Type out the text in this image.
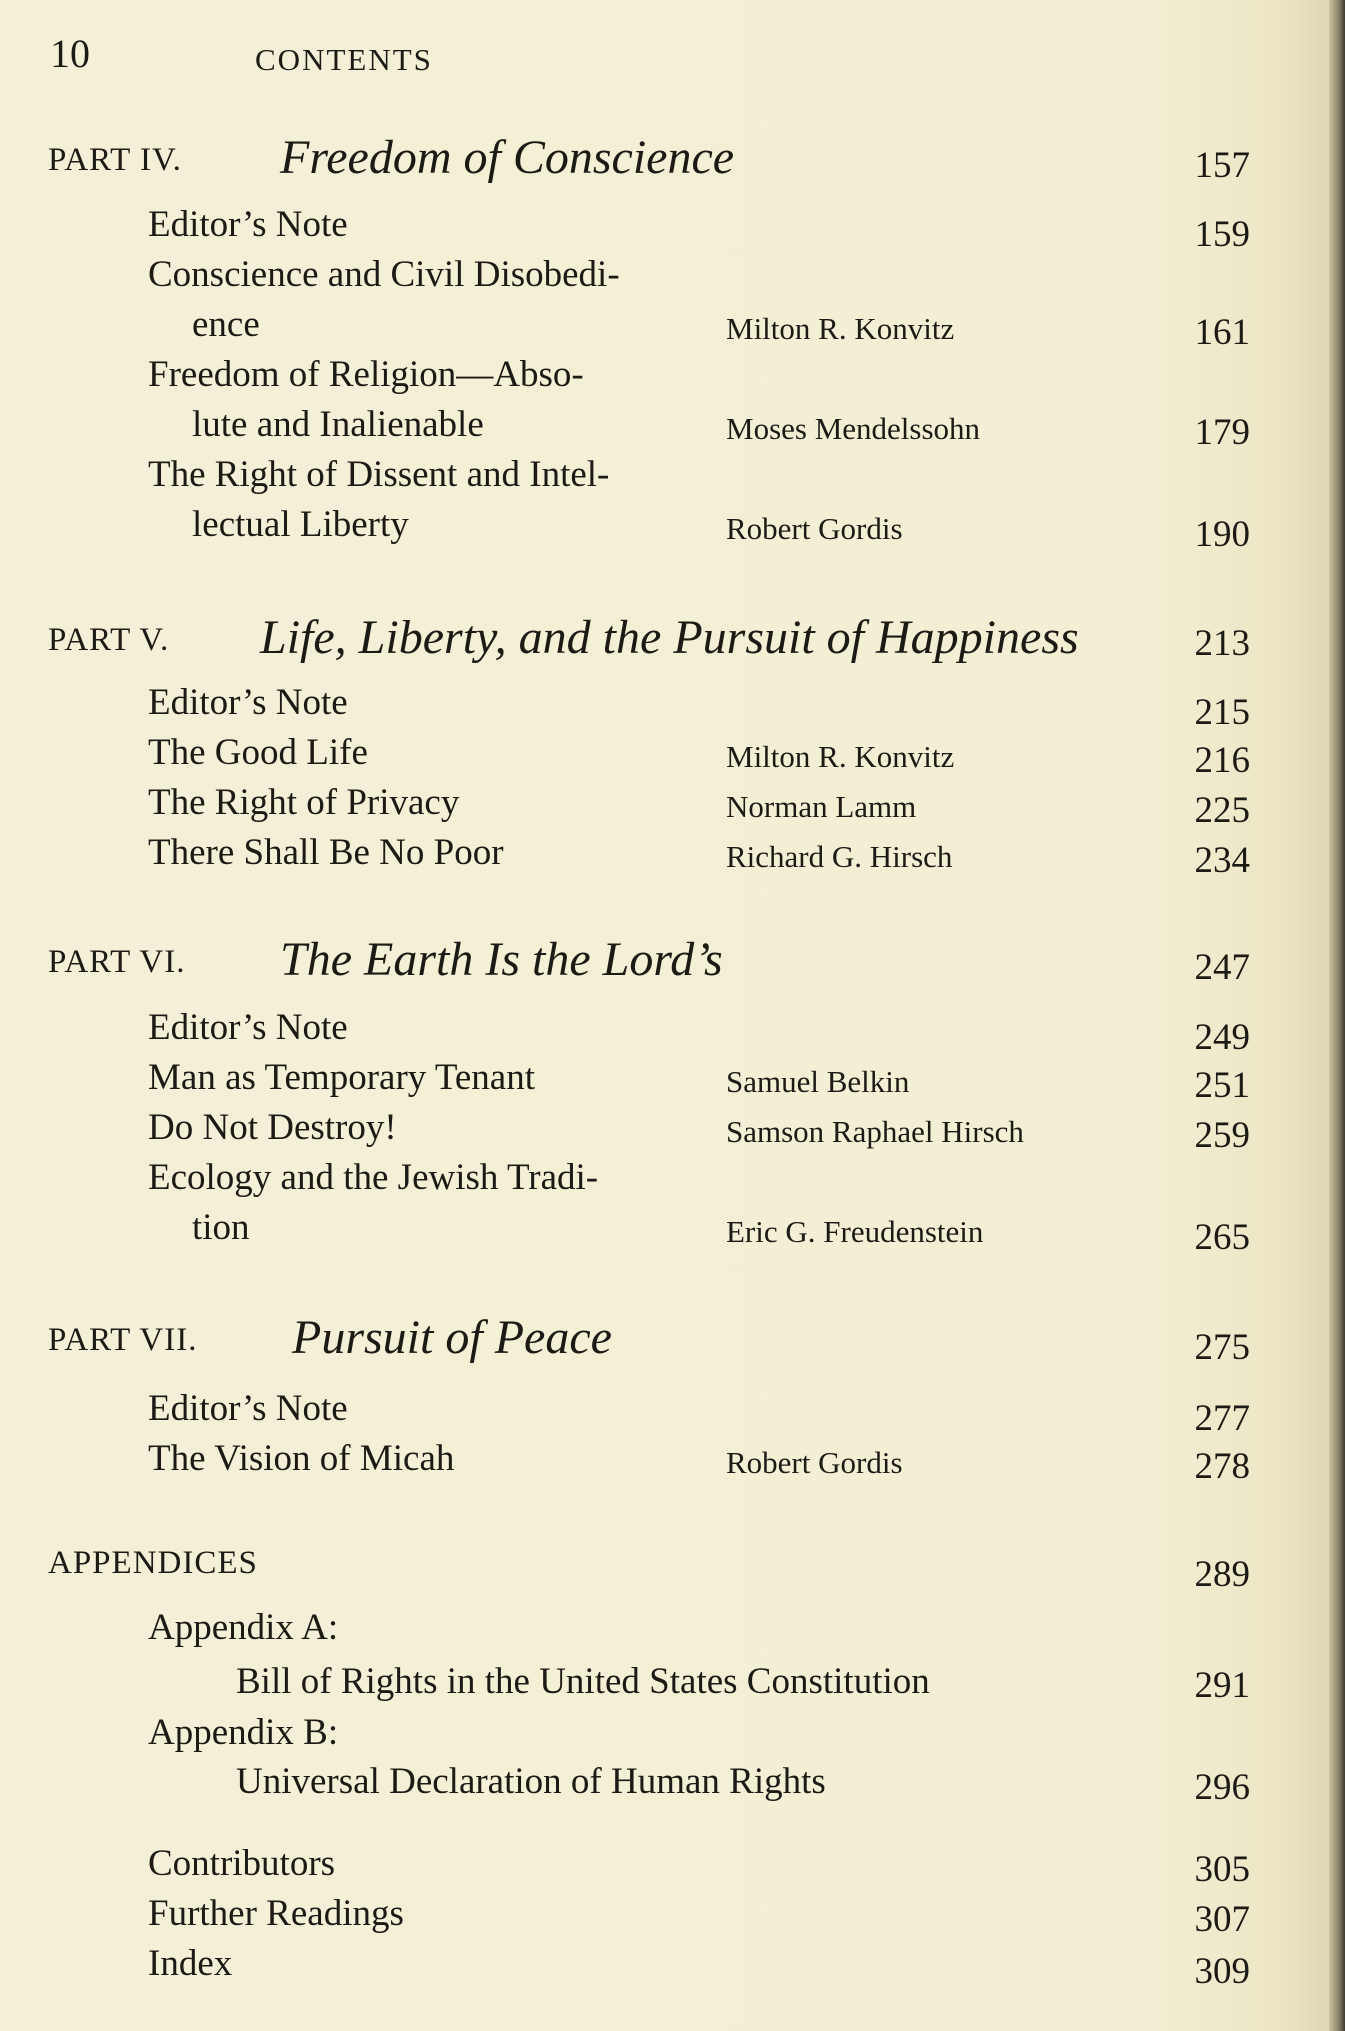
10	CONTENTS
PART IV. Freedom of Conscience	157
Editor’s Note	159
Conscience and Civil Disobedi-
ence	Milton R. Konvitz	161
Freedom of Religion—Abso-
lute and Inalienable	Moses Mendelssohn	179
The Right of Dissent and Intel-
lectual Liberty	Robert Gordis	190
PART V. Life, Liberty, and the Pursuit of Happiness	213
Editor’s Note	215
The Good Life	Milton R. Konvitz	216
The Right of Privacy	Norman Lamm	225
There Shall Be No Poor	Richard G. Hirsch	234
PART VI. The Earth Is the Lord’s	247
Editor’s Note	249
Man as Temporary Tenant	Samuel Belkin	251
Do Not Destroy!	Samson Raphael Hirsch	259
Ecology and the Jewish Tradi-
tion	Eric G. Freudenstein	265
PART VII. Pursuit of Peace	275
Editor’s Note	277
The Vision of Micah	Robert Gordis	278
APPENDICES	289
Appendix A:
Bill of Rights in the United States Constitution	291
Appendix B:
Universal Declaration of Human Rights	296
Contributors	305
Further Readings	307
Index	309
